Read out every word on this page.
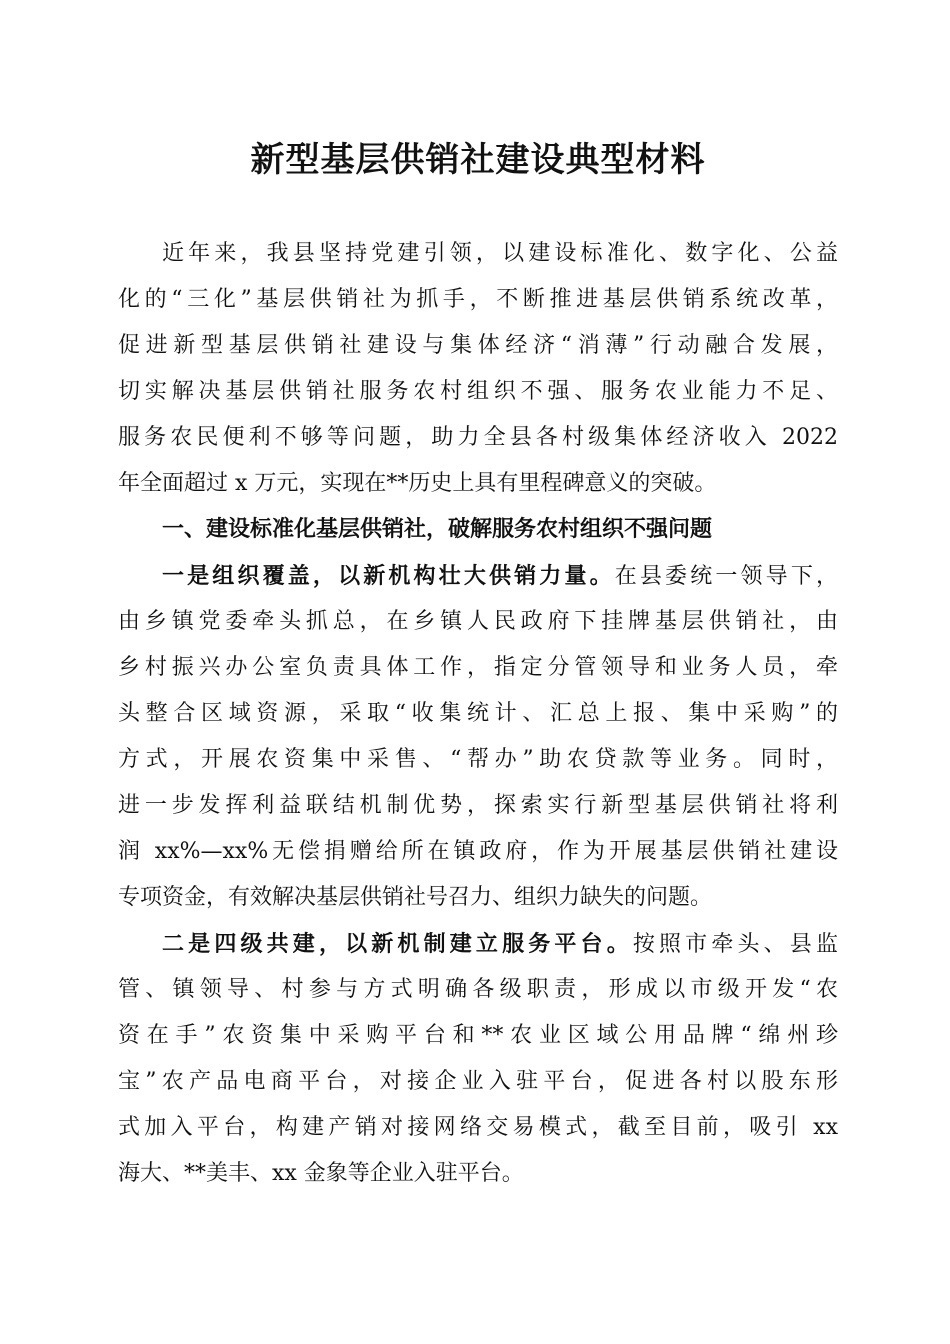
新型基层供销社建设典型材料
近年来，我县坚持党建引领，以建设标准化、数字化、公益
化的“三化”基层供销社为抓手，不断推进基层供销系统改革，
促进新型基层供销社建设与集体经济“消薄”行动融合发展，
切实解决基层供销社服务农村组织不强、服务农业能力不足、
服务农民便利不够等问题，助力全县各村级集体经济收入 2022
年全面超过 x 万元，实现在**历史上具有里程碑意义的突破。
一、建设标准化基层供销社，破解服务农村组织不强问题
一是组织覆盖，以新机构壮大供销力量。在县委统一领导下，
由乡镇党委牵头抓总，在乡镇人民政府下挂牌基层供销社，由
乡村振兴办公室负责具体工作，指定分管领导和业务人员，牵
头整合区域资源，采取“收集统计、汇总上报、集中采购”的
方式，开展农资集中采售、“帮办”助农贷款等业务。同时，
进一步发挥利益联结机制优势，探索实行新型基层供销社将利
润 xx%—xx%无偿捐赠给所在镇政府，作为开展基层供销社建设
专项资金，有效解决基层供销社号召力、组织力缺失的问题。
二是四级共建，以新机制建立服务平台。按照市牵头、县监
管、镇领导、村参与方式明确各级职责，形成以市级开发“农
资在手”农资集中采购平台和**农业区域公用品牌“绵州珍
宝”农产品电商平台，对接企业入驻平台，促进各村以股东形
式加入平台，构建产销对接网络交易模式，截至目前，吸引 xx
海大、**美丰、xx 金象等企业入驻平台。
